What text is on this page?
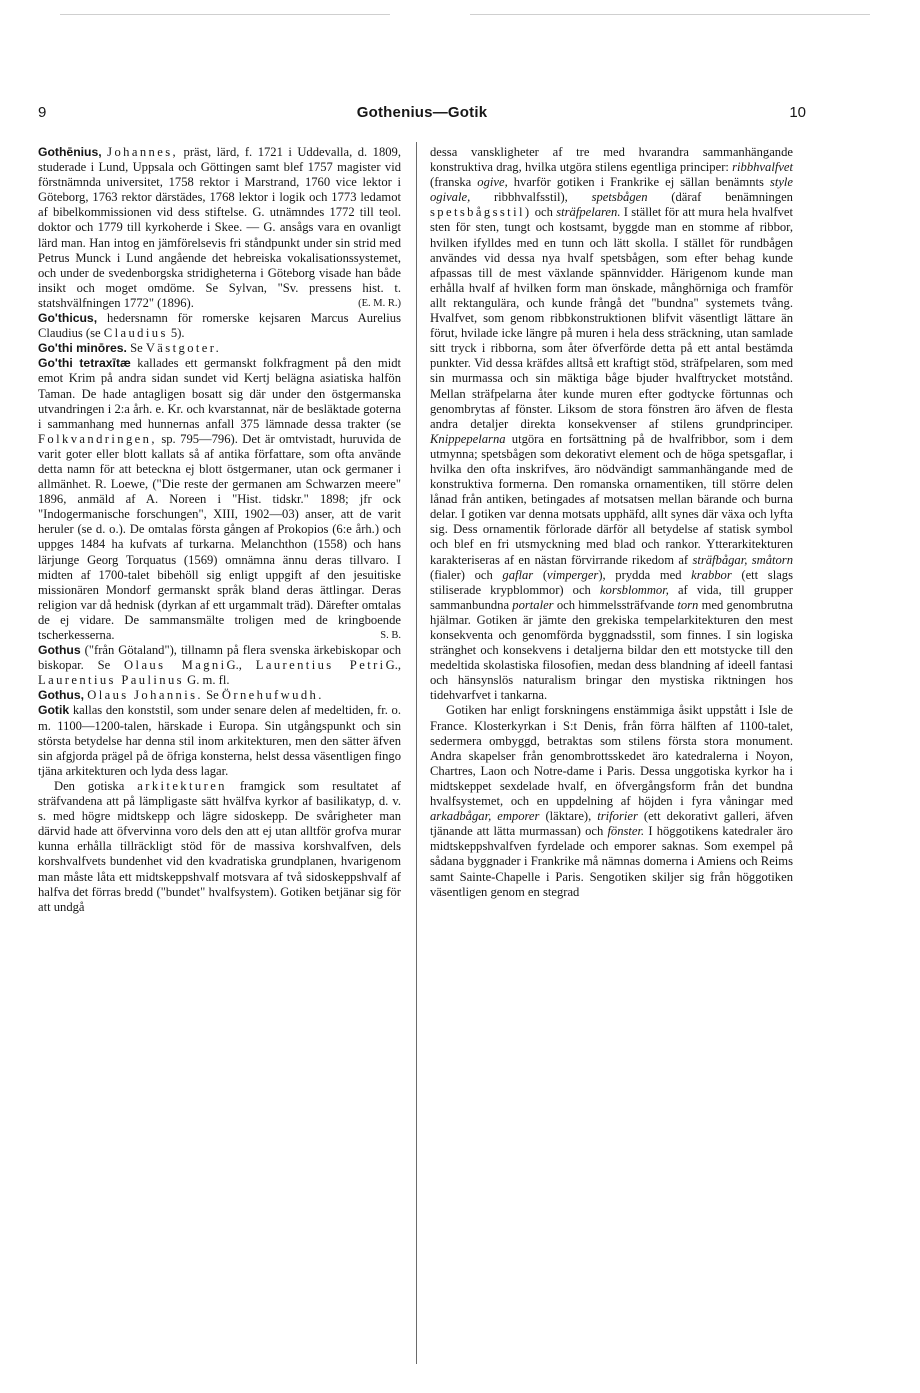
9	Gothenius—Gotik	10

Gothēnius, Johannes, präst, lärd, f. 1721 i Uddevalla, d. 1809, studerade i Lund, Uppsala och Göttingen samt blef 1757 magister vid förstnämnda universitet, 1758 rektor i Marstrand, 1760 vice lektor i Göteborg, 1763 rektor därstädes, 1768 lektor i logik och 1773 ledamot af bibelkommissionen vid dess stiftelse. G. utnämndes 1772 till teol. doktor och 1779 till kyrkoherde i Skee. — G. ansågs vara en ovanligt lärd man. Han intog en jämförelsevis fri ståndpunkt under sin strid med Petrus Munck i Lund angående det hebreiska vokalisationssystemet, och under de svedenborgska stridigheterna i Göteborg visade han både insikt och moget omdöme. Se Sylvan, "Sv. pressens hist. t. statshvälfningen 1772" (1896).	(E. M. R.)

Go'thicus, hedersnamn för romerske kejsaren Marcus Aurelius Claudius (se Claudius 5).

Go'thi minōres. Se Västgoter.

Go'thi tetraxītæ kallades ett germanskt folkfragment på den midt emot Krim på andra sidan sundet vid Kertj belägna asiatiska halfön Taman. De hade antagligen bosatt sig där under den östgermanska utvandringen i 2:a årh. e. Kr. och kvarstannat, när de besläktade goterna i sammanhang med hunnernas anfall 375 lämnade dessa trakter (se Folkvandringen, sp. 795—796). Det är omtvistadt, huruvida de varit goter eller blott kallats så af antika författare, som ofta använde detta namn för att beteckna ej blott östgermaner, utan ock germaner i allmänhet. R. Loewe, ("Die reste der germanen am Schwarzen meere" 1896, anmäld af A. Noreen i "Hist. tidskr." 1898; jfr ock "Indogermanische forschungen", XIII, 1902—03) anser, att de varit heruler (se d. o.). De omtalas första gången af Prokopios (6:e årh.) och uppges 1484 ha kufvats af turkarna. Melanchthon (1558) och hans lärjunge Georg Torquatus (1569) omnämna ännu deras tillvaro. I midten af 1700-talet bibehöll sig enligt uppgift af den jesuitiske missionären Mondorf germanskt språk bland deras ättlingar. Deras religion var då hednisk (dyrkan af ett urgammalt träd). Därefter omtalas de ej vidare. De sammansmälte troligen med de kringboende tscherkesserna.	S. B.

Gothus ("från Götaland"), tillnamn på flera svenska ärkebiskopar och biskopar. Se Olaus MagniG., Laurentius PetriG., Laurentius Paulinus G. m. fl.

Gothus, Olaus Johannis. Se Örnehufwudh.

Gotik kallas den konststil, som under senare delen af medeltiden, fr. o. m. 1100—1200-talen, härskade i Europa. Sin utgångspunkt och sin största betydelse har denna stil inom arkitekturen, men den sätter äfven sin afgjorda prägel på de öfriga konsterna, helst dessa väsentligen fingo tjäna arkitekturen och lyda dess lagar.

Den gotiska arkitekturen framgick som resultatet af sträfvandena att på lämpligaste sätt hvälfva kyrkor af basilikatyp, d. v. s. med högre midtskepp och lägre sidoskepp. De svårigheter man därvid hade att öfvervinna voro dels den att ej utan alltför grofva murar kunna erhålla tillräckligt stöd för de massiva korshvalfven, dels korshvalfvets bundenhet vid den kvadratiska grundplanen, hvarigenom man måste låta ett midtskeppshvalf motsvara af två sidoskeppshvalf af halfva det förras bredd ("bundet" hvalfsystem). Gotiken betjänar sig för att undgå

dessa vanskligheter af tre med hvarandra sammanhängande konstruktiva drag, hvilka utgöra stilens egentliga principer: ribbhvalfvet (franska ogive, hvarför gotiken i Frankrike ej sällan benämnts style ogivale, ribbhvalfsstil), spetsbågen (däraf benämningen spetsbågsstil) och sträfpelaren. I stället för att mura hela hvalfvet sten för sten, tungt och kostsamt, byggde man en stomme af ribbor, hvilken ifylldes med en tunn och lätt skolla. I stället för rundbågen användes vid dessa nya hvalf spetsbågen, som efter behag kunde afpassas till de mest växlande spännvidder. Härigenom kunde man erhålla hvalf af hvilken form man önskade, månghörniga och framför allt rektangulära, och kunde frångå det "bundna" systemets tvång. Hvalfvet, som genom ribbkonstruktionen blifvit väsentligt lättare än förut, hvilade icke längre på muren i hela dess sträckning, utan samlade sitt tryck i ribborna, som åter öfverförde detta på ett antal bestämda punkter. Vid dessa kräfdes alltså ett kraftigt stöd, sträfpelaren, som med sin murmassa och sin mäktiga båge bjuder hvalftrycket motstånd. Mellan sträfpelarna åter kunde muren efter godtycke förtunnas och genombrytas af fönster. Liksom de stora fönstren äro äfven de flesta andra detaljer direkta konsekvenser af stilens grundprinciper. Knippepelarna utgöra en fortsättning på de hvalfribbor, som i dem utmynna; spetsbågen som dekorativt element och de höga spetsgaflar, i hvilka den ofta inskrifves, äro nödvändigt sammanhängande med de konstruktiva formerna. Den romanska ornamentiken, till större delen lånad från antiken, betingades af motsatsen mellan bärande och burna delar. I gotiken var denna motsats upphäfd, allt synes där växa och lyfta sig. Dess ornamentik förlorade därför all betydelse af statisk symbol och blef en fri utsmyckning med blad och rankor. Ytterarkitekturen karakteriseras af en nästan förvirrande rikedom af sträfbågar, småtorn (fialer) och gaflar (vimperger), prydda med krabbor (ett slags stiliserade krypblommor) och korsblommor, af vida, till grupper sammanbundna portaler och himmelssträfvande torn med genombrutna hjälmar. Gotiken är jämte den grekiska tempelarkitekturen den mest konsekventa och genomförda byggnadsstil, som finnes. I sin logiska stränghet och konsekvens i detaljerna bildar den ett motstycke till den medeltida skolastiska filosofien, medan dess blandning af ideell fantasi och hänsynslös naturalism bringar den mystiska riktningen hos tidehvarfvet i tankarna.

Gotiken har enligt forskningens enstämmiga åsikt uppstått i Isle de France. Klosterkyrkan i S:t Denis, från förra hälften af 1100-talet, sedermera ombyggd, betraktas som stilens första stora monument. Andra skapelser från genombrottsskedet äro katedralerna i Noyon, Chartres, Laon och Notre-dame i Paris. Dessa unggotiska kyrkor ha i midtskeppet sexdelade hvalf, en öfvergångsform från det bundna hvalfsystemet, och en uppdelning af höjden i fyra våningar med arkadbågar, emporer (läktare), triforier (ett dekorativt galleri, äfven tjänande att lätta murmassan) och fönster. I höggotikens katedraler äro midtskeppshvalfven fyrdelade och emporer saknas. Som exempel på sådana byggnader i Frankrike må nämnas domerna i Amiens och Reims samt Sainte-Chapelle i Paris. Sengotiken skiljer sig från höggotiken väsentligen genom en stegrad
